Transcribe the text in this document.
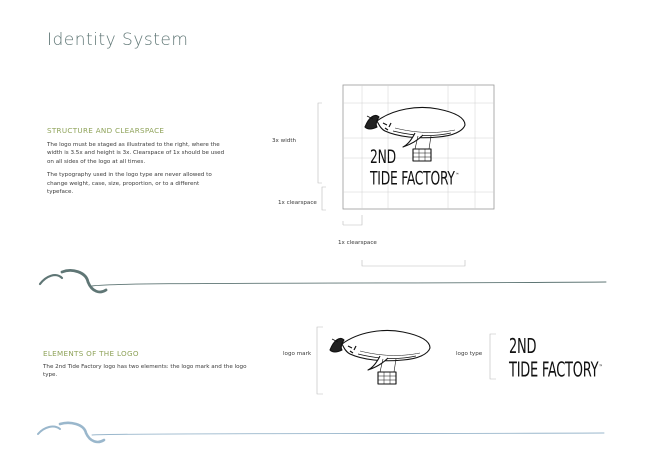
Identity System
STRUCTURE AND CLEARSPACE

The logo must be staged as illustrated to the right, where the width is 3.5x and height is 3x. Clearspace of 1x should be used on all sides of the logo at all times.

The typography used in the logo type are never allowed to change weight, case, size, proportion, or to a different typeface.

3x width
1x clearspace
1x clearspace
2ND
TIDE FACTORY™
ELEMENTS OF THE LOGO

The 2nd Tide Factory logo has two elements: the logo mark and the logo type.

logo mark	logo type 2ND
TIDE FACTORY™
